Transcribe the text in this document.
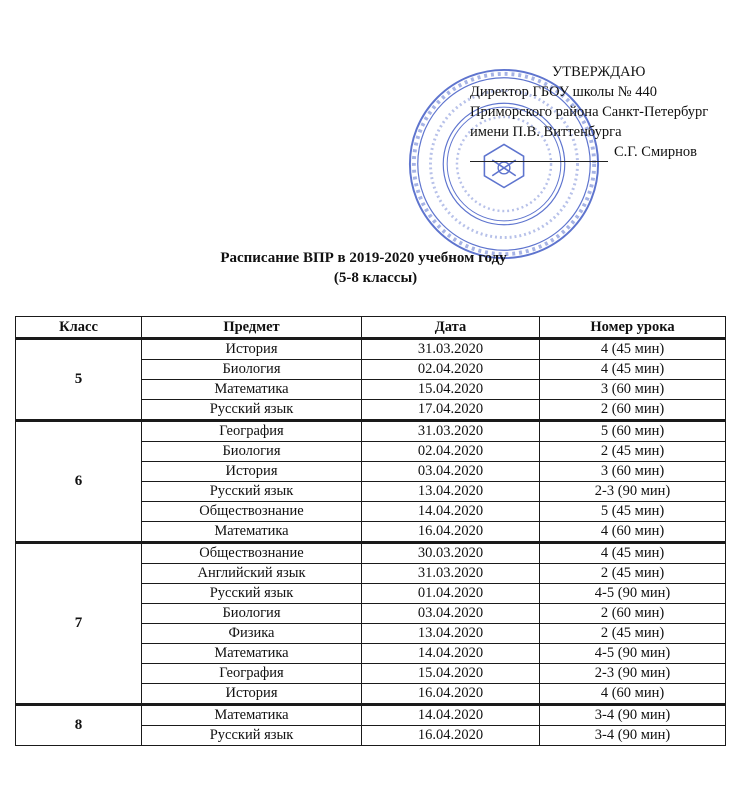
УТВЕРЖДАЮ
Директор ГБОУ школы № 440
Приморского района Санкт-Петербург
имени П.В. Виттенбурга
С.Г. Смирнов
Расписание ВПР в 2019-2020 учебном году
(5-8 классы)
Класс	Предмет	Дата	Номер урока
5	История	31.03.2020	4 (45 мин)
	Биология	02.04.2020	4 (45 мин)
	Математика	15.04.2020	3 (60 мин)
	Русский язык	17.04.2020	2 (60 мин)
6	География	31.03.2020	5 (60 мин)
	Биология	02.04.2020	2 (45 мин)
	История	03.04.2020	3 (60 мин)
	Русский язык	13.04.2020	2-3 (90 мин)
	Обществознание	14.04.2020	5 (45 мин)
	Математика	16.04.2020	4 (60 мин)
7	Обществознание	30.03.2020	4 (45 мин)
	Английский язык	31.03.2020	2 (45 мин)
	Русский язык	01.04.2020	4-5 (90 мин)
	Биология	03.04.2020	2 (60 мин)
	Физика	13.04.2020	2 (45 мин)
	Математика	14.04.2020	4-5 (90 мин)
	География	15.04.2020	2-3 (90 мин)
	История	16.04.2020	4 (60 мин)
8	Математика	14.04.2020	3-4 (90 мин)
	Русский язык	16.04.2020	3-4 (90 мин)
